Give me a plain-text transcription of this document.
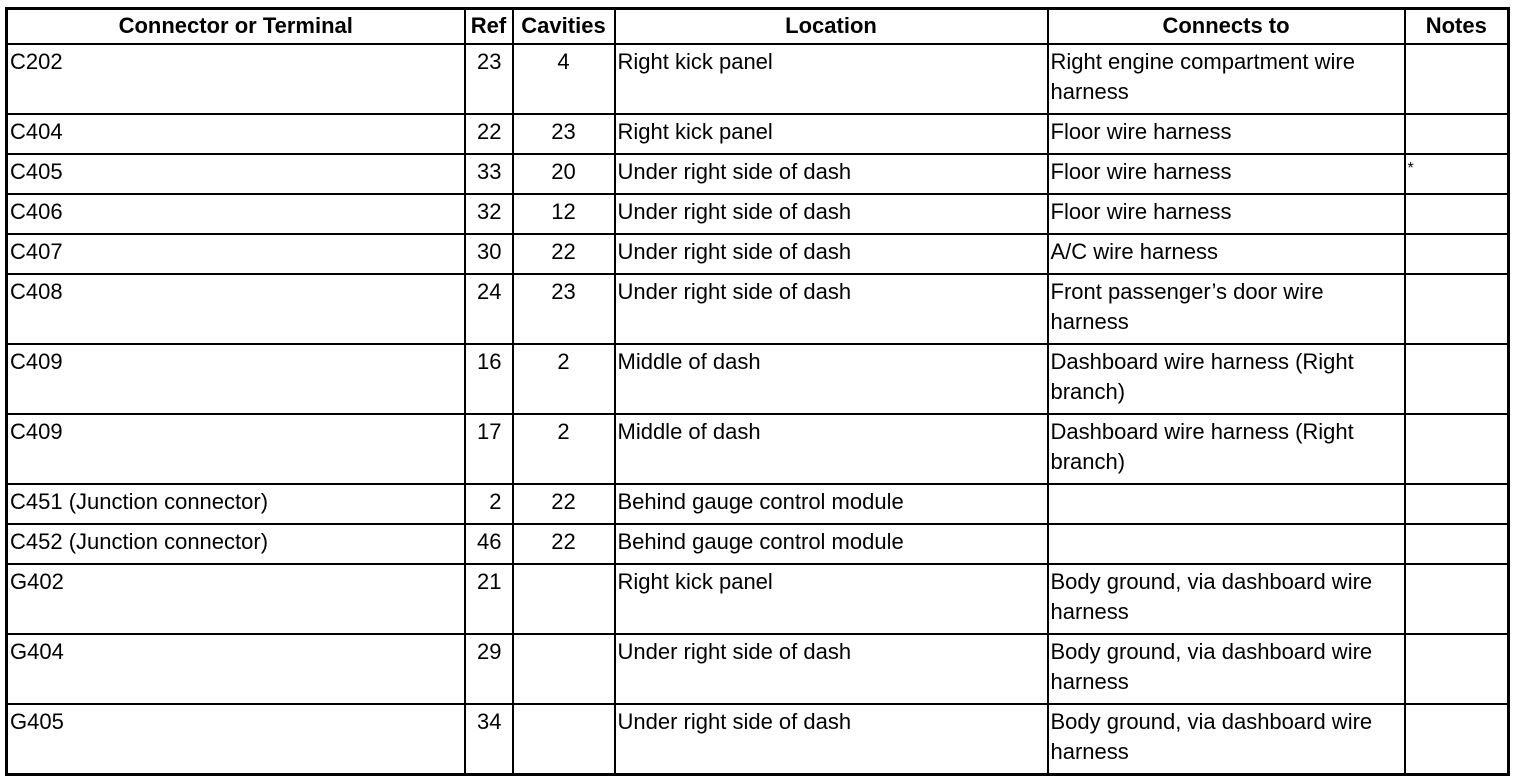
Connector or Terminal	Ref	Cavities	Location	Connects to	Notes
C202	23	4	Right kick panel	Right engine compartment wire harness	
C404	22	23	Right kick panel	Floor wire harness	
C405	33	20	Under right side of dash	Floor wire harness	*
C406	32	12	Under right side of dash	Floor wire harness	
C407	30	22	Under right side of dash	A/C wire harness	
C408	24	23	Under right side of dash	Front passenger’s door wire harness	
C409	16	2	Middle of dash	Dashboard wire harness (Right branch)	
C409	17	2	Middle of dash	Dashboard wire harness (Right branch)	
C451 (Junction connector)	2	22	Behind gauge control module		
C452 (Junction connector)	46	22	Behind gauge control module		
G402	21		Right kick panel	Body ground, via dashboard wire harness	
G404	29		Under right side of dash	Body ground, via dashboard wire harness	
G405	34		Under right side of dash	Body ground, via dashboard wire harness	
